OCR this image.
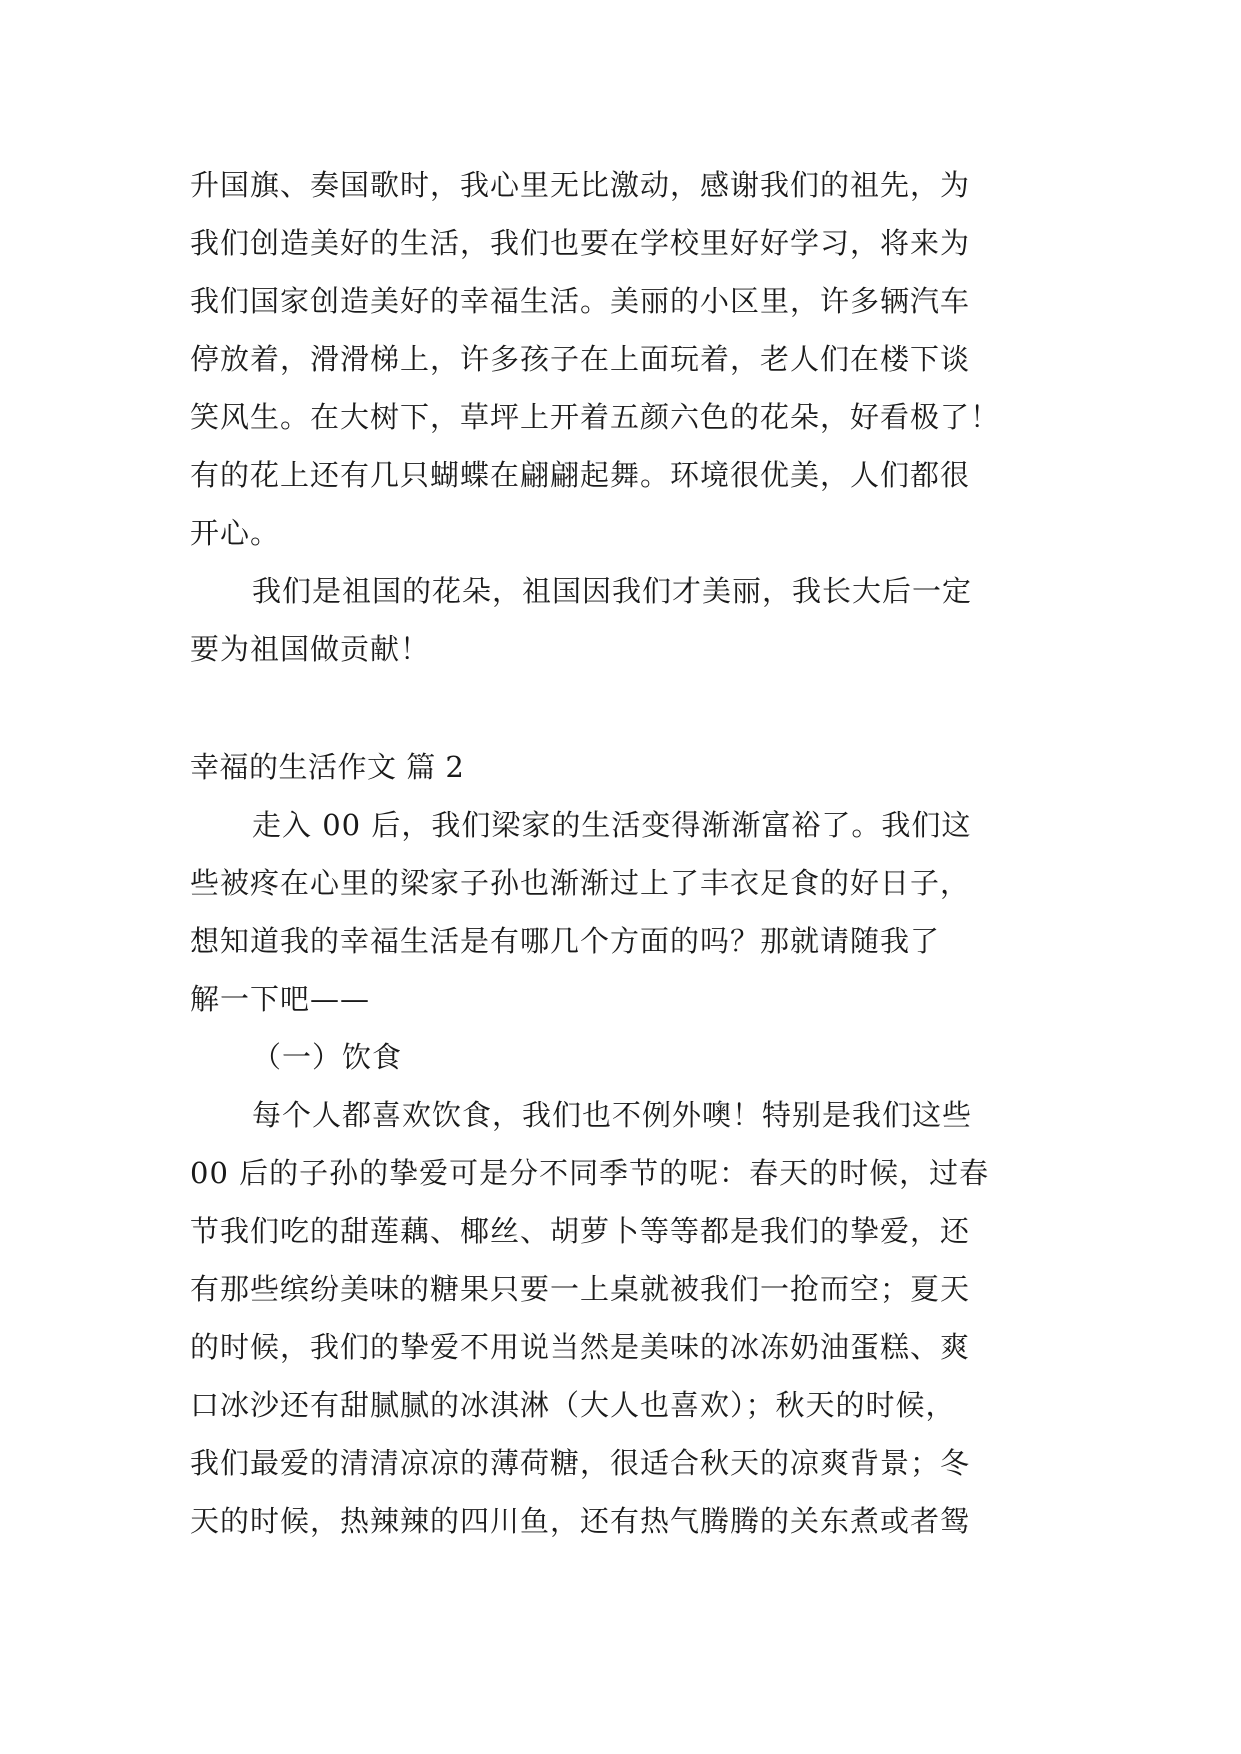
升国旗、奏国歌时，我心里无比激动，感谢我们的祖先，为
我们创造美好的生活，我们也要在学校里好好学习，将来为
我们国家创造美好的幸福生活。美丽的小区里，许多辆汽车
停放着，滑滑梯上，许多孩子在上面玩着，老人们在楼下谈
笑风生。在大树下，草坪上开着五颜六色的花朵，好看极了！
有的花上还有几只蝴蝶在翩翩起舞。环境很优美，人们都很
开心。
我们是祖国的花朵，祖国因我们才美丽，我长大后一定
要为祖国做贡献！
幸福的生活作文 篇 2
走入 00 后，我们梁家的生活变得渐渐富裕了。我们这
些被疼在心里的梁家子孙也渐渐过上了丰衣足食的好日子，
想知道我的幸福生活是有哪几个方面的吗？那就请随我了
解一下吧——
（一）饮食
每个人都喜欢饮食，我们也不例外噢！特别是我们这些
00 后的子孙的挚爱可是分不同季节的呢：春天的时候，过春
节我们吃的甜莲藕、椰丝、胡萝卜等等都是我们的挚爱，还
有那些缤纷美味的糖果只要一上桌就被我们一抢而空；夏天
的时候，我们的挚爱不用说当然是美味的冰冻奶油蛋糕、爽
口冰沙还有甜腻腻的冰淇淋（大人也喜欢）；秋天的时候，
我们最爱的清清凉凉的薄荷糖，很适合秋天的凉爽背景；冬
天的时候，热辣辣的四川鱼，还有热气腾腾的关东煮或者鸳
